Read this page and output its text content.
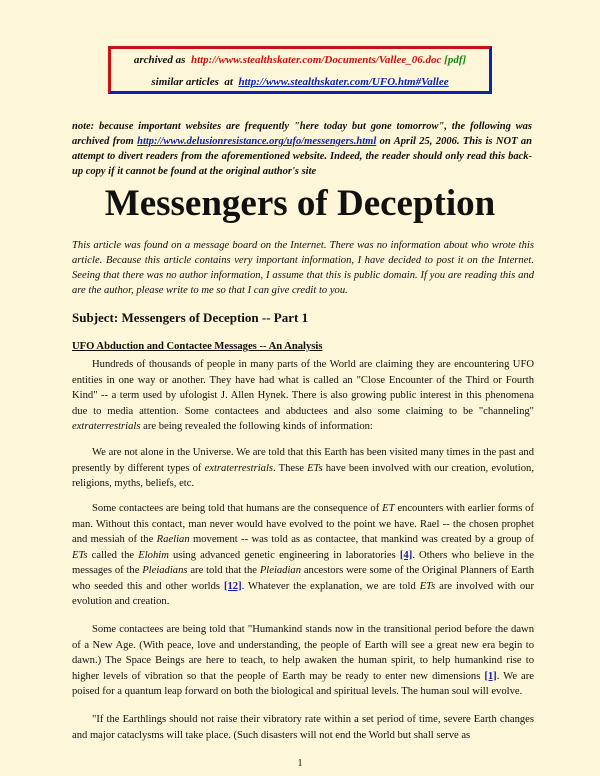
archived as http://www.stealthskater.com/Documents/Vallee_06.doc [pdf]
similar articles at http://www.stealthskater.com/UFO.htm#Vallee
note: because important websites are frequently "here today but gone tomorrow", the following was archived from http://www.delusionresistance.org/ufo/messengers.html on April 25, 2006. This is NOT an attempt to divert readers from the aforementioned website. Indeed, the reader should only read this back-up copy if it cannot be found at the original author's site
Messengers of Deception
This article was found on a message board on the Internet. There was no information about who wrote this article. Because this article contains very important information, I have decided to post it on the Internet. Seeing that there was no author information, I assume that this is public domain. If you are reading this and are the author, please write to me so that I can give credit to you.
Subject: Messengers of Deception -- Part 1
UFO Abduction and Contactee Messages -- An Analysis
Hundreds of thousands of people in many parts of the World are claiming they are encountering UFO entities in one way or another. They have had what is called an "Close Encounter of the Third or Fourth Kind" -- a term used by ufologist J. Allen Hynek. There is also growing public interest in this phenomena due to media attention. Some contactees and abductees and also some claiming to be "channeling" extraterrestrials are being revealed the following kinds of information:
We are not alone in the Universe. We are told that this Earth has been visited many times in the past and presently by different types of extraterrestrials. These ETs have been involved with our creation, evolution, religions, myths, beliefs, etc.
Some contactees are being told that humans are the consequence of ET encounters with earlier forms of man. Without this contact, man never would have evolved to the point we have. Rael -- the chosen prophet and messiah of the Raelian movement -- was told as as contactee, that mankind was created by a group of ETs called the Elohim using advanced genetic engineering in laboratories [4]. Others who believe in the messages of the Pleiadians are told that the Pleiadian ancestors were some of the Original Planners of Earth who seeded this and other worlds [12]. Whatever the explanation, we are told ETs are involved with our evolution and creation.
Some contactees are being told that "Humankind stands now in the transitional period before the dawn of a New Age. (With peace, love and understanding, the people of Earth will see a great new era begin to dawn.) The Space Beings are here to teach, to help awaken the human spirit, to help humankind rise to higher levels of vibration so that the people of Earth may be ready to enter new dimensions [1]. We are poised for a quantum leap forward on both the biological and spiritual levels. The human soul will evolve.
"If the Earthlings should not raise their vibratory rate within a set period of time, severe Earth changes and major cataclysms will take place. (Such disasters will not end the World but shall serve as
1
